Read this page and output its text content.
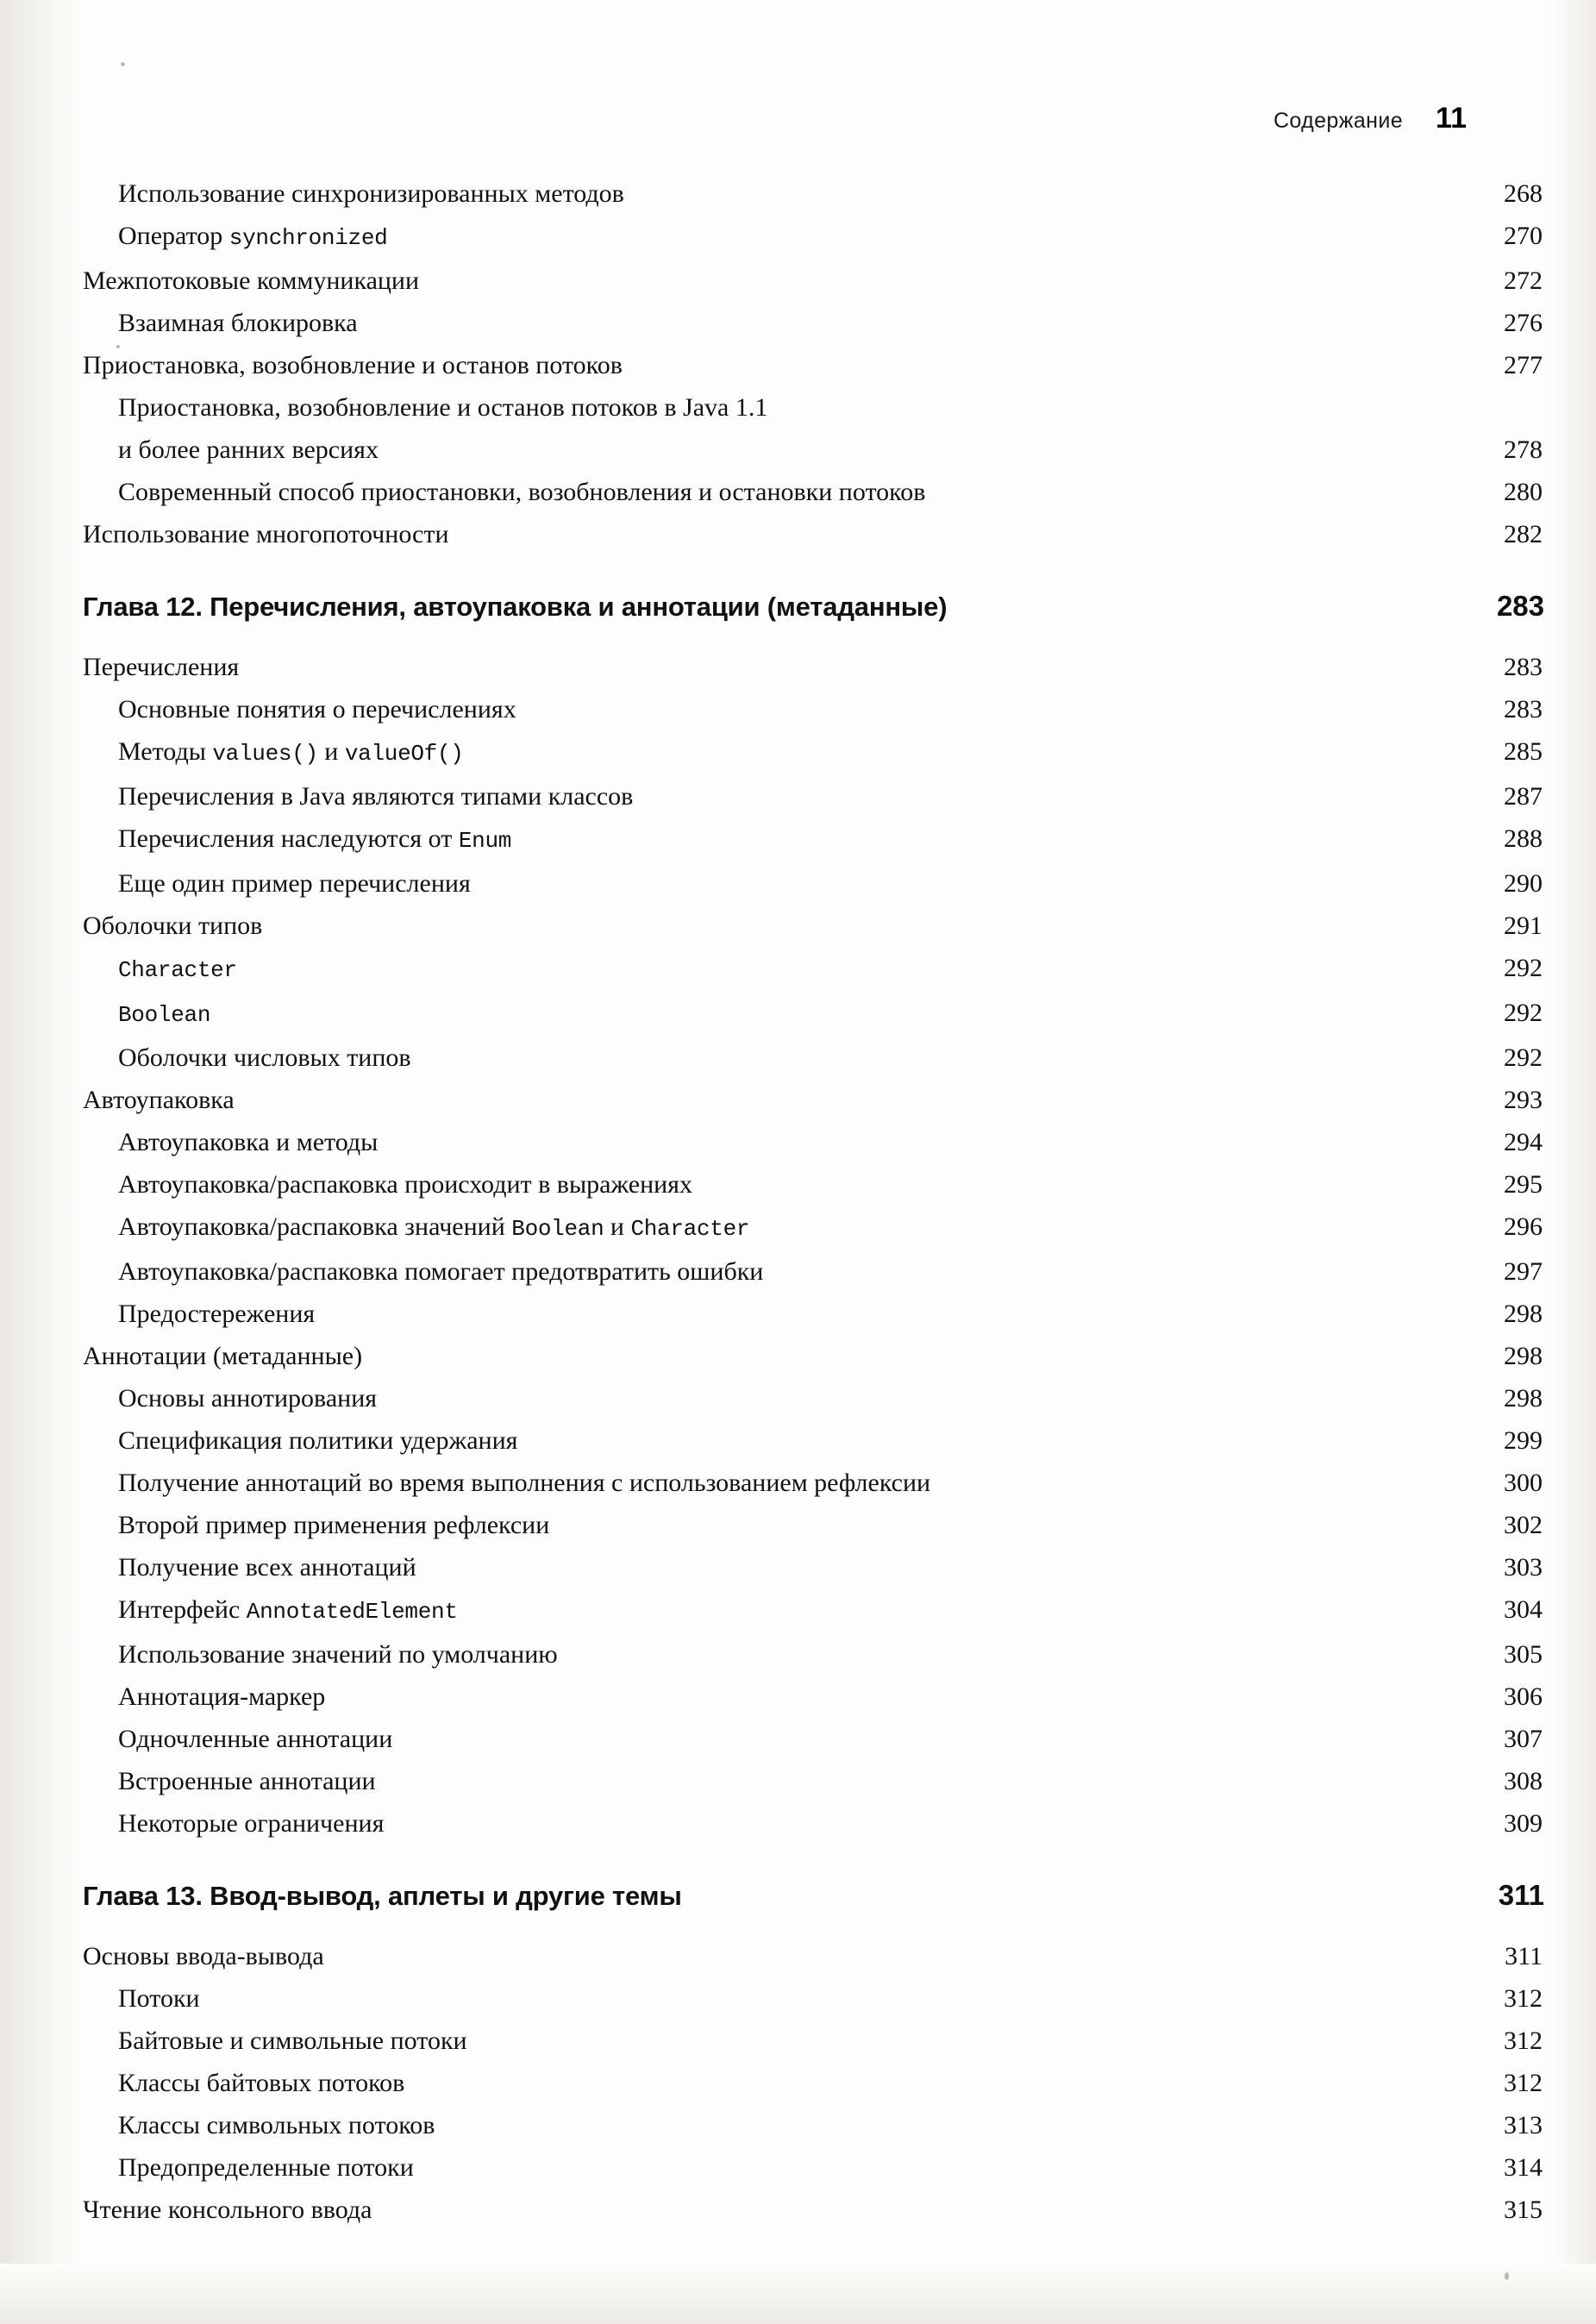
Содержание 11
Использование синхронизированных методов	268
Оператор synchronized	270
Межпотоковые коммуникации	272
Взаимная блокировка	276
Приостановка, возобновление и останов потоков	277
Приостановка, возобновление и останов потоков в Java 1.1
и более ранних версиях	278
Современный способ приостановки, возобновления и остановки потоков	280
Использование многопоточности	282
Глава 12. Перечисления, автоупаковка и аннотации (метаданные)	283
Перечисления	283
Основные понятия о перечислениях	283
Методы values() и valueOf()	285
Перечисления в Java являются типами классов	287
Перечисления наследуются от Enum	288
Еще один пример перечисления	290
Оболочки типов	291
Character	292
Boolean	292
Оболочки числовых типов	292
Автоупаковка	293
Автоупаковка и методы	294
Автоупаковка/распаковка происходит в выражениях	295
Автоупаковка/распаковка значений Boolean и Character	296
Автоупаковка/распаковка помогает предотвратить ошибки	297
Предостережения	298
Аннотации (метаданные)	298
Основы аннотирования	298
Спецификация политики удержания	299
Получение аннотаций во время выполнения с использованием рефлексии	300
Второй пример применения рефлексии	302
Получение всех аннотаций	303
Интерфейс AnnotatedElement	304
Использование значений по умолчанию	305
Аннотация-маркер	306
Одночленные аннотации	307
Встроенные аннотации	308
Некоторые ограничения	309
Глава 13. Ввод-вывод, аплеты и другие темы	311
Основы ввода-вывода	311
Потоки	312
Байтовые и символьные потоки	312
Классы байтовых потоков	312
Классы символьных потоков	313
Предопределенные потоки	314
Чтение консольного ввода	315
